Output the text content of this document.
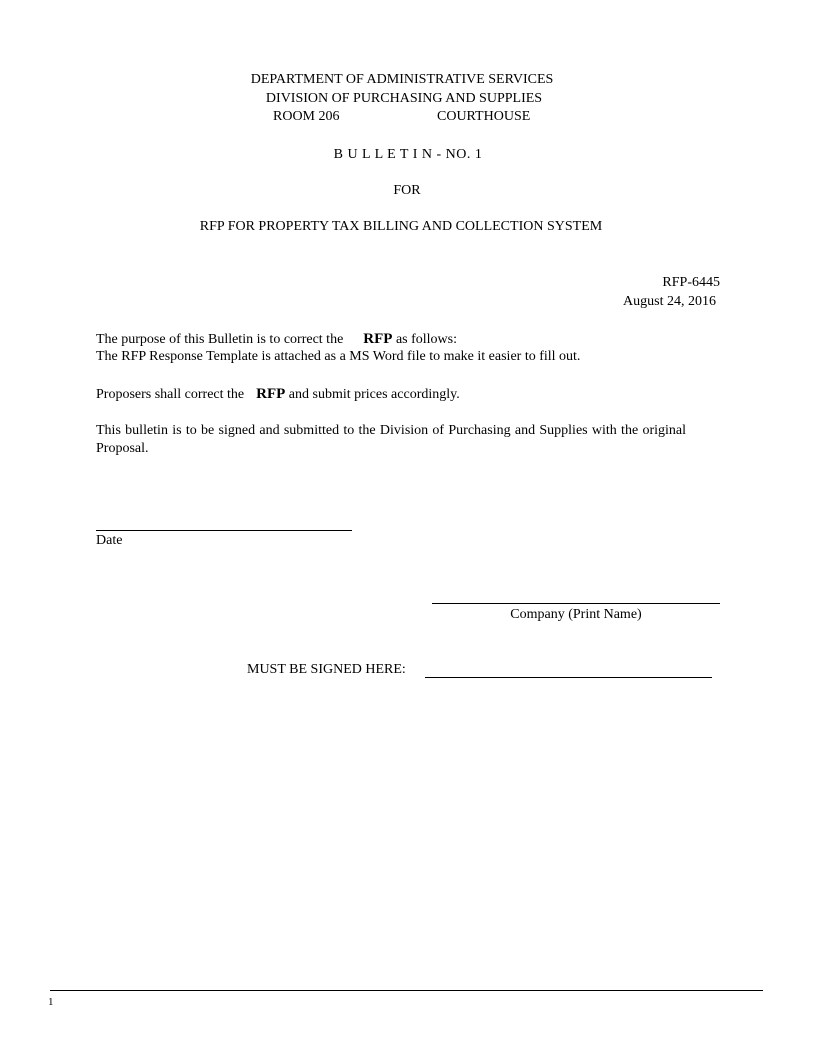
DEPARTMENT OF ADMINISTRATIVE SERVICES
DIVISION OF PURCHASING AND SUPPLIES
ROOM 206	COURTHOUSE
B U L L E T I N - NO. 1
FOR
RFP FOR PROPERTY TAX BILLING AND COLLECTION SYSTEM
RFP-6445
August 24, 2016
The purpose of this Bulletin is to correct the RFP as follows:
The RFP Response Template is attached as a MS Word file to make it easier to fill out.
Proposers shall correct the RFP and submit prices accordingly.
This bulletin is to be signed and submitted to the Division of Purchasing and Supplies with the original Proposal.
Date
Company (Print Name)
MUST BE SIGNED HERE:
1
